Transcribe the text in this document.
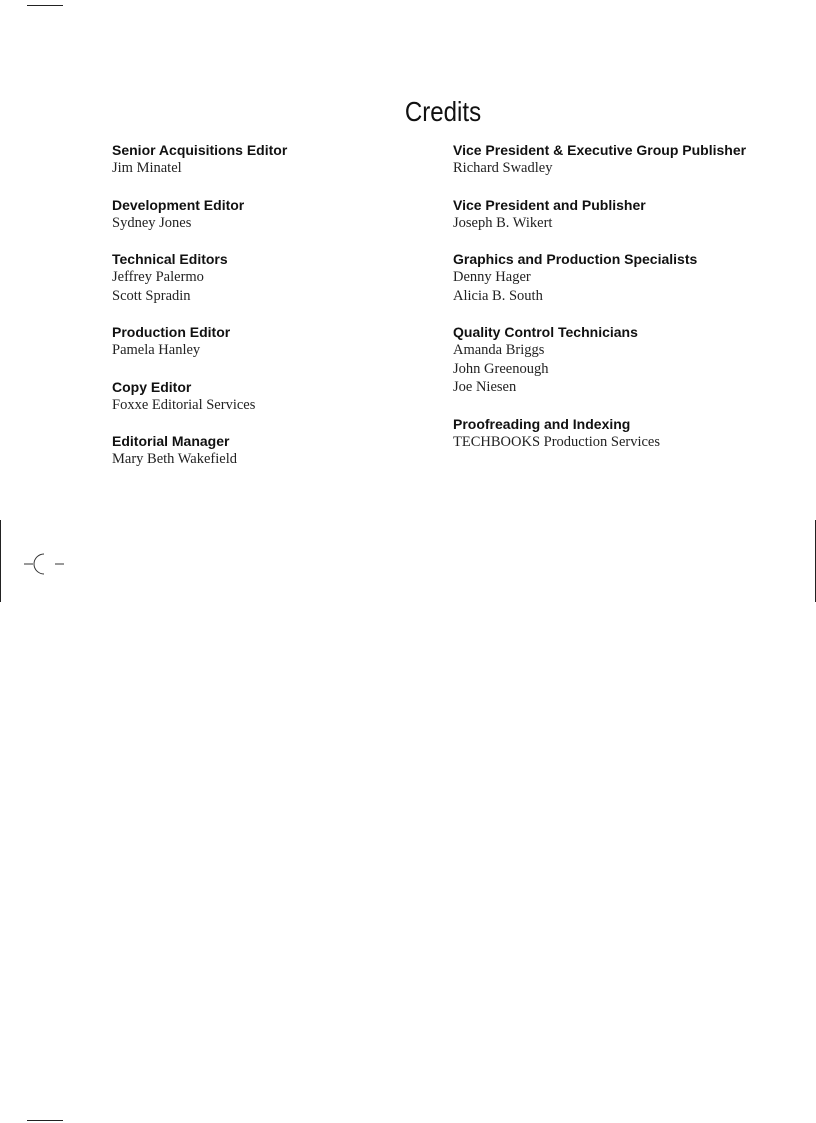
Credits
Senior Acquisitions Editor
Jim Minatel
Development Editor
Sydney Jones
Technical Editors
Jeffrey Palermo
Scott Spradin
Production Editor
Pamela Hanley
Copy Editor
Foxxe Editorial Services
Editorial Manager
Mary Beth Wakefield
Vice President & Executive Group Publisher
Richard Swadley
Vice President and Publisher
Joseph B. Wikert
Graphics and Production Specialists
Denny Hager
Alicia B. South
Quality Control Technicians
Amanda Briggs
John Greenough
Joe Niesen
Proofreading and Indexing
TECHBOOKS Production Services
